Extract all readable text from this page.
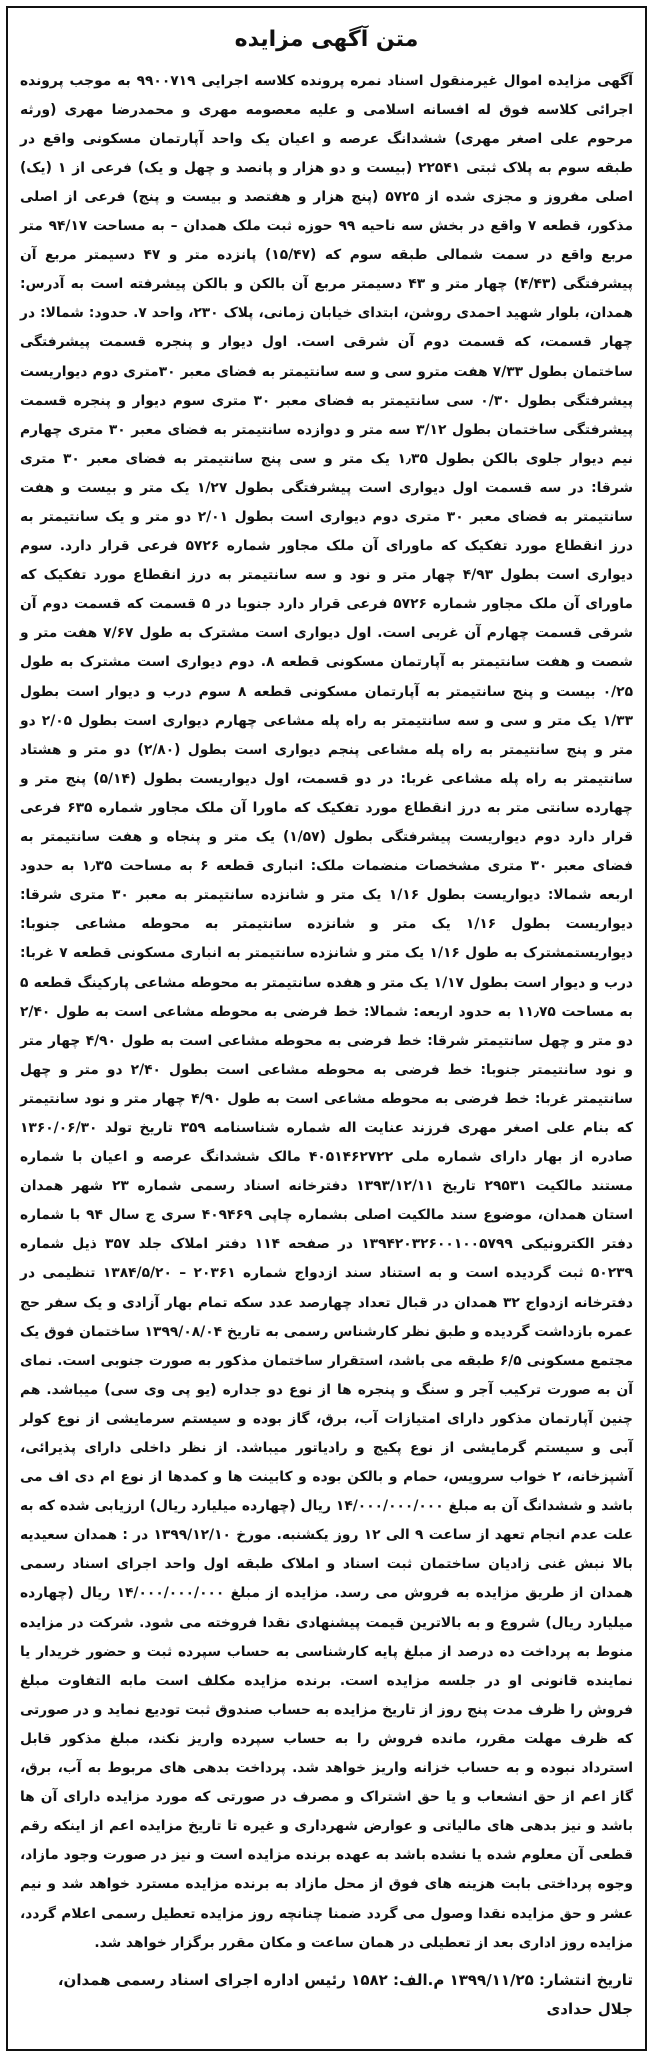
متن آگهی مزایده

آگهی مزایده اموال غیرمنقول اسناد نمره پرونده کلاسه اجرایی ۹۹۰۰۷۱۹ به موجب پرونده اجرائی کلاسه فوق له افسانه اسلامی و علیه معصومه مهری و محمدرضا مهری (ورثه مرحوم علی اصغر مهری) ششدانگ عرصه و اعیان یک واحد آپارتمان مسکونی واقع در طبقه سوم به پلاک ثبتی ۲۲۵۴۱ (بیست و دو هزار و پانصد و چهل و یک) فرعی از ۱ (یک) اصلی مفروز و مجزی شده از ۵۷۲۵ (پنج هزار و هفتصد و بیست و پنج) فرعی از اصلی مذکور، قطعه ۷ واقع در بخش سه ناحیه ۹۹ حوزه ثبت ملک همدان – به مساحت ۹۴/۱۷ متر مربع واقع در سمت شمالی طبقه سوم که (۱۵/۴۷) پانزده متر و ۴۷ دسیمتر مربع آن پیشرفتگی (۴/۴۳) چهار متر و ۴۳ دسیمتر مربع آن بالکن و بالکن پیشرفته است به آدرس: همدان، بلوار شهید احمدی روشن، ابتدای خیابان زمانی، پلاک ۲۳۰، واحد ۷. حدود: شمالا: در چهار قسمت، که قسمت دوم آن شرقی است. اول دیوار و پنجره قسمت پیشرفتگی ساختمان بطول ۷/۳۳ هفت مترو سی و سه سانتیمتر به فضای معبر ۳۰متری دوم دیواریست پیشرفتگی بطول ۰/۳۰ سی سانتیمتر به فضای معبر ۳۰ متری سوم دیوار و پنجره قسمت پیشرفتگی ساختمان بطول ۳/۱۲ سه متر و دوازده سانتیمتر به فضای معبر ۳۰ متری چهارم نیم دیوار جلوی بالکن بطول ۱٫۳۵ یک متر و سی پنج سانتیمتر به فضای معبر ۳۰ متری شرقا: در سه قسمت اول دیواری است پیشرفتگی بطول ۱/۲۷ یک متر و بیست و هفت سانتیمتر به فضای معبر ۳۰ متری دوم دیواری است بطول ۲/۰۱ دو متر و یک سانتیمتر به درز انقطاع مورد تفکیک که ماورای آن ملک مجاور شماره ۵۷۲۶ فرعی قرار دارد. سوم دیواری است بطول ۴/۹۳ چهار متر و نود و سه سانتیمتر به درز انقطاع مورد تفکیک که ماورای آن ملک مجاور شماره ۵۷۲۶ فرعی قرار دارد جنوبا در ۵ قسمت که قسمت دوم آن شرقی قسمت چهارم آن غربی است. اول دیواری است مشترک به طول ۷/۶۷ هفت متر و شصت و هفت سانتیمتر به آپارتمان مسکونی قطعه ۸. دوم دیواری است مشترک به طول ۰/۲۵ بیست و پنج سانتیمتر به آپارتمان مسکونی قطعه ۸ سوم درب و دیوار است بطول ۱/۳۳ یک متر و سی و سه سانتیمتر به راه پله مشاعی چهارم دیواری است بطول ۲/۰۵ دو متر و پنج سانتیمتر به راه پله مشاعی پنجم دیواری است بطول (۲/۸۰) دو متر و هشتاد سانتیمتر به راه پله مشاعی غربا: در دو قسمت، اول دیواریست بطول (۵/۱۴) پنج متر و چهارده سانتی متر به درز انقطاع مورد تفکیک که ماورا آن ملک مجاور شماره ۶۳۵ فرعی قرار دارد دوم دیواریست پیشرفتگی بطول (۱/۵۷) یک متر و پنجاه و هفت سانتیمتر به فضای معبر ۳۰ متری مشخصات منضمات ملک: انباری قطعه ۶ به مساحت ۱٫۳۵ به حدود اربعه شمالا: دیواریست بطول ۱/۱۶ یک متر و شانزده سانتیمتر به معبر ۳۰ متری شرقا: دیواریست بطول ۱/۱۶ یک متر و شانزده سانتیمتر به محوطه مشاعی جنوبا: دیواریستمشترک به طول ۱/۱۶ یک متر و شانزده سانتیمتر به انباری مسکونی قطعه ۷ غربا: درب و دیوار است بطول ۱/۱۷ یک متر و هفده سانتیمتر به محوطه مشاعی پارکینگ قطعه ۵ به مساحت ۱۱٫۷۵ به حدود اربعه: شمالا: خط فرضی به محوطه مشاعی است به طول ۲/۴۰ دو متر و چهل سانتیمتر شرقا: خط فرضی به محوطه مشاعی است به طول ۴/۹۰ چهار متر و نود سانتیمتر جنوبا: خط فرضی به محوطه مشاعی است بطول ۲/۴۰ دو متر و چهل سانتیمتر غربا: خط فرضی به محوطه مشاعی است به طول ۴/۹۰ چهار متر و نود سانتیمتر که بنام علی اصغر مهری فرزند عنایت اله شماره شناسنامه ۳۵۹ تاریخ تولد ۱۳۶۰/۰۶/۳۰ صادره از بهار دارای شماره ملی ۴۰۵۱۴۶۲۷۲۲ مالک ششدانگ عرصه و اعیان با شماره مستند مالکیت ۲۹۵۳۱ تاریخ ۱۳۹۳/۱۲/۱۱ دفترخانه اسناد رسمی شماره ۲۳ شهر همدان استان همدان، موضوع سند مالکیت اصلی بشماره چاپی ۴۰۹۴۶۹ سری ج سال ۹۴ با شماره دفتر الکترونیکی ۱۳۹۴۲۰۳۲۶۰۰۱۰۰۵۷۹۹ در صفحه ۱۱۴ دفتر املاک جلد ۳۵۷ ذیل شماره ۵۰۲۳۹ ثبت گردیده است و به استناد سند ازدواج شماره ۲۰۳۶۱ – ۱۳۸۴/۵/۲۰ تنظیمی در دفترخانه ازدواج ۳۲ همدان در قبال تعداد چهارصد عدد سکه تمام بهار آزادی و یک سفر حج عمره بازداشت گردیده و طبق نظر کارشناس رسمی به تاریخ ۱۳۹۹/۰۸/۰۴ ساختمان فوق یک مجتمع مسکونی ۶/۵ طبقه می باشد، استقرار ساختمان مذکور به صورت جنوبی است. نمای آن به صورت ترکیب آجر و سنگ و پنجره ها از نوع دو جداره (یو پی وی سی) میباشد. هم چنین آپارتمان مذکور دارای امتیازات آب، برق، گاز بوده و سیستم سرمایشی از نوع کولر آبی و سیستم گرمایشی از نوع پکیج و رادیاتور میباشد. از نظر داخلی دارای پذیرائی، آشپزخانه، ۲ خواب سرویس، حمام و بالکن بوده و کابینت ها و کمدها از نوع ام دی اف می باشد و ششدانگ آن به مبلغ ۱۴/۰۰۰/۰۰۰/۰۰۰ ریال (چهارده میلیارد ریال) ارزیابی شده که به علت عدم انجام تعهد از ساعت ۹ الی ۱۲ روز یکشنبه. مورخ ۱۳۹۹/۱۲/۱۰ در : همدان سعیدیه بالا نبش غنی زادیان ساختمان ثبت اسناد و املاک طبقه اول واحد اجرای اسناد رسمی همدان از طریق مزایده به فروش می رسد. مزایده از مبلغ ۱۴/۰۰۰/۰۰۰/۰۰۰ ریال (چهارده میلیارد ریال) شروع و به بالاترین قیمت پیشنهادی نقدا فروخته می شود. شرکت در مزایده منوط به پرداخت ده درصد از مبلغ پایه کارشناسی به حساب سپرده ثبت و حضور خریدار یا نماینده قانونی او در جلسه مزایده است. برنده مزایده مکلف است مابه التفاوت مبلغ فروش را ظرف مدت پنج روز از تاریخ مزایده به حساب صندوق ثبت توديع نمايد و در صورتی که ظرف مهلت مقرر، مانده فروش را به حساب سپرده واریز نکند، مبلغ مذکور قابل استرداد نبوده و به حساب خزانه واریز خواهد شد. پرداخت بدهی های مربوط به آب، برق، گاز اعم از حق انشعاب و یا حق اشتراک و مصرف در صورتی که مورد مزایده دارای آن ها باشد و نیز بدهی های مالیاتی و عوارض شهرداری و غیره تا تاریخ مزایده اعم از اینکه رقم قطعی آن معلوم شده یا نشده باشد به عهده برنده مزایده است و نیز در صورت وجود مازاد، وجوه پرداختی بابت هزینه های فوق از محل مازاد به برنده مزایده مسترد خواهد شد و نیم عشر و حق مزایده نقدا وصول می گردد ضمنا چنانچه روز مزایده تعطیل رسمی اعلام گردد، مزایده روز اداری بعد از تعطیلی در همان ساعت و مکان مقرر برگزار خواهد شد.

تاریخ انتشار: ۱۳۹۹/۱۱/۲۵ م.الف: ۱۵۸۲ رئیس اداره اجرای اسناد رسمی همدان،
جلال حدادی
